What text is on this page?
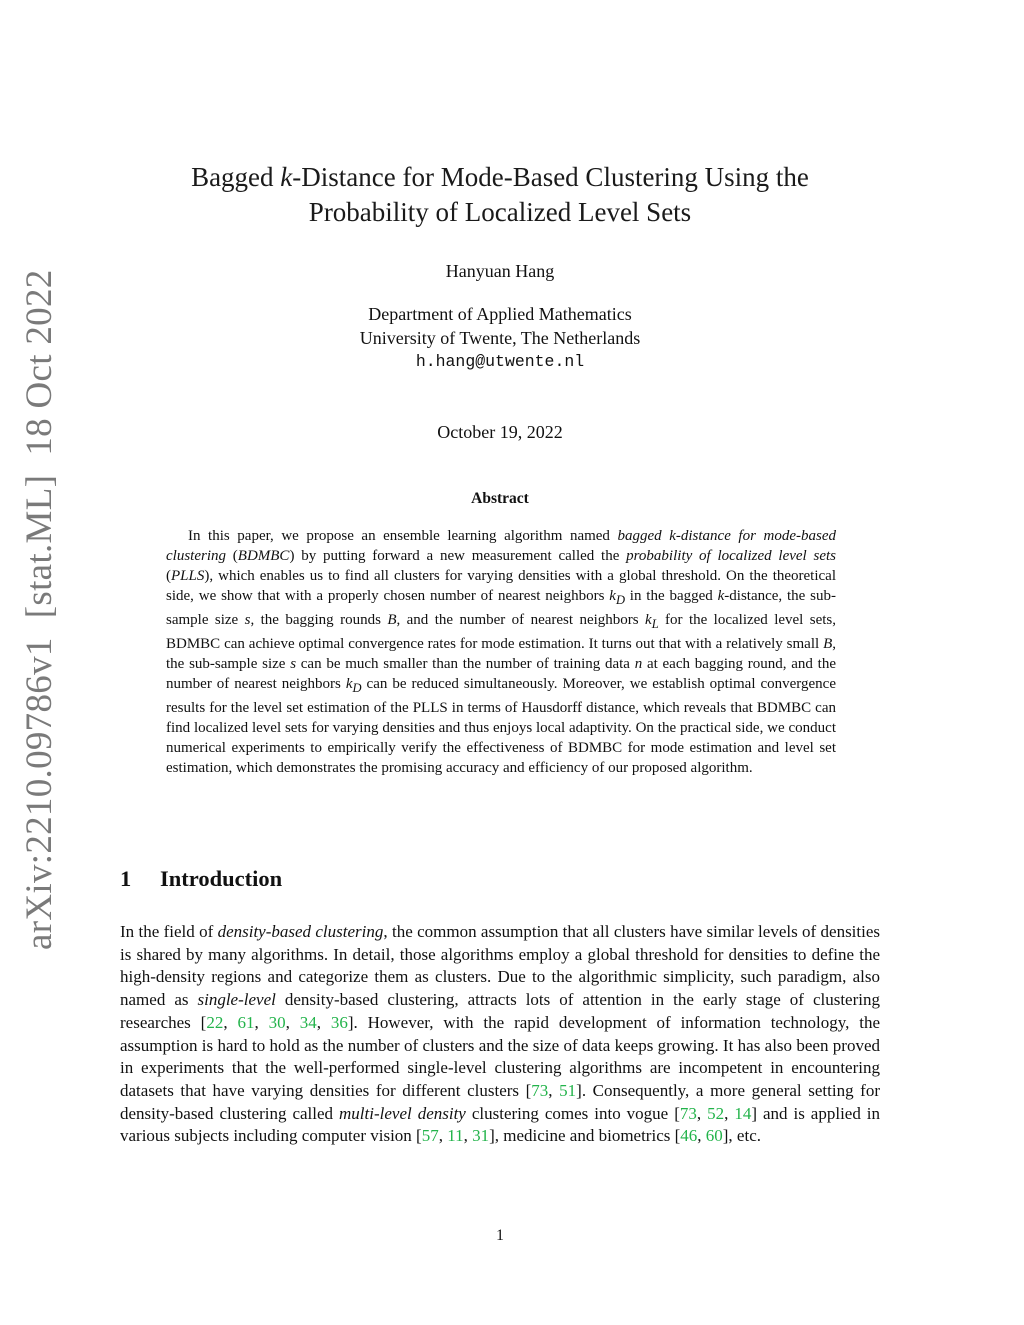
arXiv:2210.09786v1  [stat.ML]  18 Oct 2022
Bagged k-Distance for Mode-Based Clustering Using the Probability of Localized Level Sets
Hanyuan Hang
Department of Applied Mathematics
University of Twente, The Netherlands
h.hang@utwente.nl
October 19, 2022
Abstract

In this paper, we propose an ensemble learning algorithm named bagged k-distance for mode-based clustering (BDMBC) by putting forward a new measurement called the probability of localized level sets (PLLS), which enables us to find all clusters for varying densities with a global threshold. On the theoretical side, we show that with a properly chosen number of nearest neighbors $k_D$ in the bagged k-distance, the sub-sample size s, the bagging rounds B, and the number of nearest neighbors $k_L$ for the localized level sets, BDMBC can achieve optimal convergence rates for mode estimation. It turns out that with a relatively small B, the sub-sample size s can be much smaller than the number of training data n at each bagging round, and the number of nearest neighbors $k_D$ can be reduced simultaneously. Moreover, we establish optimal convergence results for the level set estimation of the PLLS in terms of Hausdorff distance, which reveals that BDMBC can find localized level sets for varying densities and thus enjoys local adaptivity. On the practical side, we conduct numerical experiments to empirically verify the effectiveness of BDMBC for mode estimation and level set estimation, which demonstrates the promising accuracy and efficiency of our proposed algorithm.

1 Introduction

In the field of density-based clustering, the common assumption that all clusters have similar levels of densities is shared by many algorithms. In detail, those algorithms employ a global threshold for densities to define the high-density regions and categorize them as clusters. Due to the algorithmic simplicity, such paradigm, also named as single-level density-based clustering, attracts lots of attention in the early stage of clustering researches [22, 61, 30, 34, 36]. However, with the rapid development of information technology, the assumption is hard to hold as the number of clusters and the size of data keeps growing. It has also been proved in experiments that the well-performed single-level clustering algorithms are incompetent in encountering datasets that have varying densities for different clusters [73, 51]. Consequently, a more general setting for density-based clustering called multi-level density clustering comes into vogue [73, 52, 14] and is applied in various subjects including computer vision [57, 11, 31], medicine and biometrics [46, 60], etc.

1
